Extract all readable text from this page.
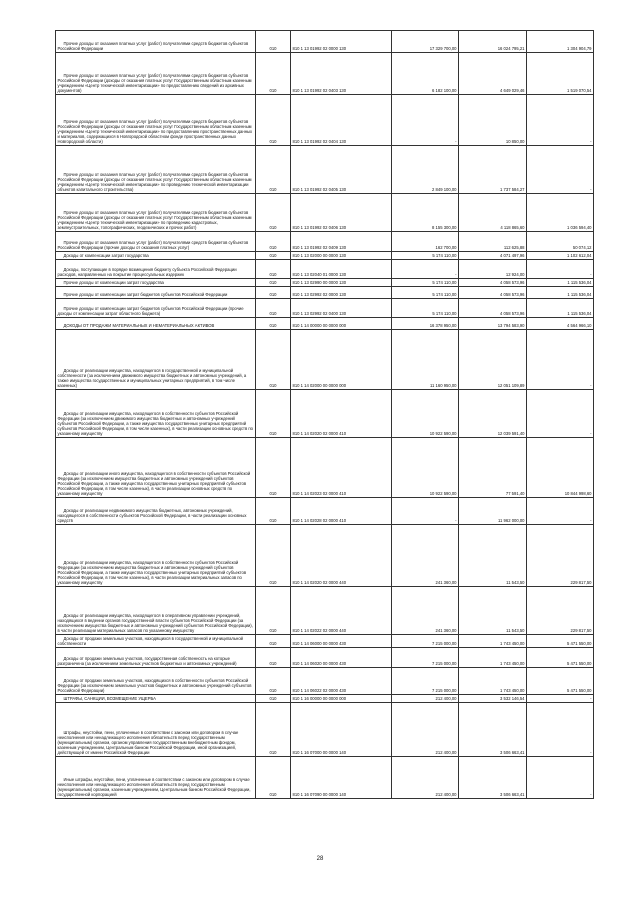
Прочие доходы от оказания платных услуг (работ) получателями средств бюджетов субъектов Российской Федерации	010	810 1 13 01992 02 0000 130	17 329 700,00	16 024 795,21	1 304 904,79

Прочие доходы от оказания платных услуг (работ) получателями средств бюджетов субъектов Российской Федерации (доходы от оказания платных услуг Государственным областным казенным учреждением «Центр технической инвентаризации» по предоставлению сведений из архивных документов)	010	810 1 13 01992 02 0403 130	6 182 100,00	4 649 029,46	1 519 070,54

Прочие доходы от оказания платных услуг (работ) получателями средств бюджетов субъектов Российской Федерации (доходы от оказания платных услуг Государственным областным казенным учреждением «Центр технической инвентаризации» по предоставлению пространственных данных и материалов, содержащихся в Новгородской областном фонде пространственных данных Новгородской области)	010	810 1 13 01992 02 0404 130	-	10 850,00	-

Прочие доходы от оказания платных услуг (работ) получателями средств бюджетов субъектов Российской Федерации (доходы от оказания платных услуг Государственным областным казенным учреждением «Центр технической инвентаризации» по проведению технической инвентаризации объектов капитального строительства)	010	810 1 13 01992 02 0405 130	2 849 100,00	1 737 584,27	-

Прочие доходы от оказания платных услуг (работ) получателями средств бюджетов субъектов Российской Федерации (доходы от оказания платных услуг Государственным областным казенным учреждением «Центр технической инвентаризации» по проведению кадастровых, землеустроительных, топографических, геодезических и прочих работ)	010	810 1 13 01992 02 0406 130	8 155 300,00	4 118 865,60	1 036 594,40

Прочие доходы от оказания платных услуг (работ) получателями средств бюджетов субъектов Российской Федерации (прочие доходы от оказания платных услуг)	010	810 1 13 01992 02 0409 130	162 700,00	112 625,88	50 074,12

Доходы от компенсации затрат государства	010	810 1 13 02000 00 0000 130	5 174 110,00	4 071 497,96	1 102 612,04

Доходы, поступающие в порядке возмещения бюджету субъекта Российской Федерации расходов, направленных на покрытие процессуальных издержек	010	810 1 13 02040 01 0000 130	-	12 924,00	-

Прочие доходы от компенсации затрат государства	010	810 1 13 02990 00 0000 130	5 174 110,00	4 058 573,96	1 115 536,04

Прочие доходы от компенсации затрат бюджетов субъектов Российской Федерации	010	810 1 13 02992 02 0000 130	5 174 110,00	4 058 573,96	1 115 536,04

Прочие доходы от компенсации затрат бюджетов субъектов Российской Федерации (прочие доходы от компенсации затрат областного бюджета)	010	810 1 13 02992 02 0400 130	5 174 110,00	4 058 573,96	1 115 536,04

ДОХОДЫ ОТ ПРОДАЖИ МАТЕРИАЛЬНЫХ И НЕМАТЕРИАЛЬНЫХ АКТИВОВ	010	810 1 14 00000 00 0000 000	16 378 950,00	13 794 583,90	4 564 966,10

Доходы от реализации имущества, находящегося в государственной и муниципальной собственности (за исключением движимого имущества бюджетных и автономных учреждений, а также имущества государственных и муниципальных унитарных предприятий, в том числе казенных)	010	810 1 14 02000 00 0000 000	11 160 950,00	12 051 109,89	-

Доходы от реализации имущества, находящегося в собственности субъектов Российской Федерации (за исключением движимого имущества бюджетных и автономных учреждений субъектов Российской Федерации, а также имущества государственных унитарных предприятий субъектов Российской Федерации, в том числе казенных), в части реализации основных средств по указанному имуществу	010	810 1 14 02020 02 0000 410	10 922 590,00	12 039 591,40	-

Доходы от реализации иного имущества, находящегося в собственности субъектов Российской Федерации (за исключением имущества бюджетных и автономных учреждений субъектов Российской Федерации, а также имущества государственных унитарных предприятий субъектов Российской Федерации, в том числе казенных), в части реализации основных средств по указанному имуществу	010	810 1 14 02023 02 0000 410	10 922 590,00	77 591,40	10 844 998,60

Доходы от реализации недвижимого имущества бюджетных, автономных учреждений, находящегося в собственности субъектов Российской Федерации, в части реализации основных средств	010	810 1 14 02028 02 0000 410	-	11 962 000,00	-

Доходы от реализации имущества, находящегося в собственности субъектов Российской Федерации (за исключением имущества бюджетных и автономных учреждений субъектов Российской Федерации, а также имущества государственных унитарных предприятий субъектов Российской Федерации, в том числе казенных), в части реализации материальных запасов по указанному имуществу	010	810 1 14 02020 02 0000 440	241 360,00	11 543,50	229 817,50

Доходы от реализации имущества, находящегося в оперативном управлении учреждений, находящихся в ведении органов государственной власти субъектов Российской Федерации (за исключением имущества бюджетных и автономных учреждений субъектов Российской Федерации), в части реализации материальных запасов по указанному имуществу	010	810 1 14 02022 02 0000 440	241 360,00	11 543,50	229 817,50

Доходы от продажи земельных участков, находящихся в государственной и муниципальной собственности	010	810 1 14 06000 00 0000 430	7 215 000,00	1 743 450,00	5 471 550,00

Доходы от продажи земельных участков, государственная собственность на которые разграничена (за исключением земельных участков бюджетных и автономных учреждений)	010	810 1 14 06020 00 0000 430	7 215 000,00	1 743 450,00	5 471 550,00

Доходы от продажи земельных участков, находящихся в собственности субъектов Российской Федерации (за исключением земельных участков бюджетных и автономных учреждений субъектов Российской Федерации)	010	810 1 14 06022 02 0000 430	7 215 000,00	1 743 450,00	5 471 550,00

ШТРАФЫ, САНКЦИИ, ВОЗМЕЩЕНИЕ УЩЕРБА	010	810 1 16 00000 00 0000 000	212 400,00	3 532 146,54	-

Штрафы, неустойки, пени, уплаченные в соответствии с законом или договором в случае неисполнения или ненадлежащего исполнения обязательств перед государственным (муниципальным) органом, органом управления государственным внебюджетным фондом, казенным учреждением, Центральным банком Российской Федерации, иной организацией, действующей от имени Российской Федерации	010	810 1 16 07000 00 0000 140	212 400,00	3 506 663,41	-

Иные штрафы, неустойки, пени, уплаченные в соответствии с законом или договором в случае неисполнения или ненадлежащего исполнения обязательств перед государственным (муниципальным) органом, казенным учреждением, Центральным банком Российской Федерации, государственной корпорацией	010	810 1 16 07090 00 0000 140	212 400,00	3 506 663,41	-
28
